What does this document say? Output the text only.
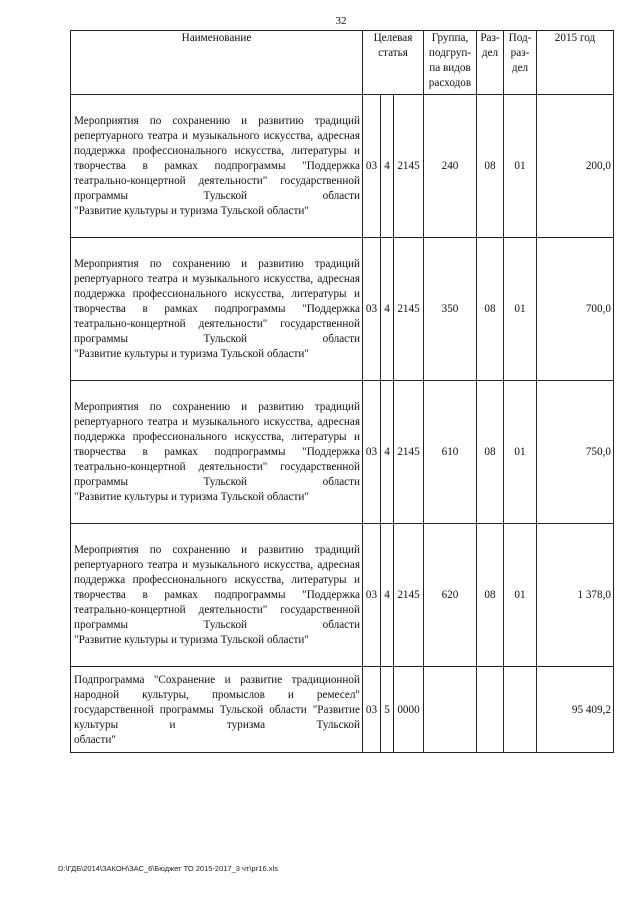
32
Наименование	Целевая статья			Группа,
подгруп-
па видов
расходов	Раз-
дел	Под-
раз-
дел	2015 год
Мероприятия по сохранению и развитию традиций репертуарного театра и музыкального искусства, адресная поддержка профессионального искусства, литературы и творчества в рамках подпрограммы "Поддержка театрально-концертной деятельности" государственной программы Тульской области
"Развитие культуры и туризма Тульской области"	03	4	2145	240	08	01	200,0
Мероприятия по сохранению и развитию традиций репертуарного театра и музыкального искусства, адресная поддержка профессионального искусства, литературы и творчества в рамках подпрограммы "Поддержка театрально-концертной деятельности" государственной программы Тульской области
"Развитие культуры и туризма Тульской области"	03	4	2145	350	08	01	700,0
Мероприятия по сохранению и развитию традиций репертуарного театра и музыкального искусства, адресная поддержка профессионального искусства, литературы и творчества в рамках подпрограммы "Поддержка театрально-концертной деятельности" государственной программы Тульской области
"Развитие культуры и туризма Тульской области"	03	4	2145	610	08	01	750,0
Мероприятия по сохранению и развитию традиций репертуарного театра и музыкального искусства, адресная поддержка профессионального искусства, литературы и творчества в рамках подпрограммы "Поддержка театрально-концертной деятельности" государственной программы Тульской области
"Развитие культуры и туризма Тульской области"	03	4	2145	620	08	01	1 378,0
Подпрограмма "Сохранение и развитие традиционной народной культуры, промыслов и ремесел" государственной программы Тульской области "Развитие культуры и туризма Тульской
области"	03	5	0000				95 409,2
D:\ГДБ\2014\ЗАКОН\ЗАС_6\Бюджет ТО 2015-2017_3 чт\рг16.xls
